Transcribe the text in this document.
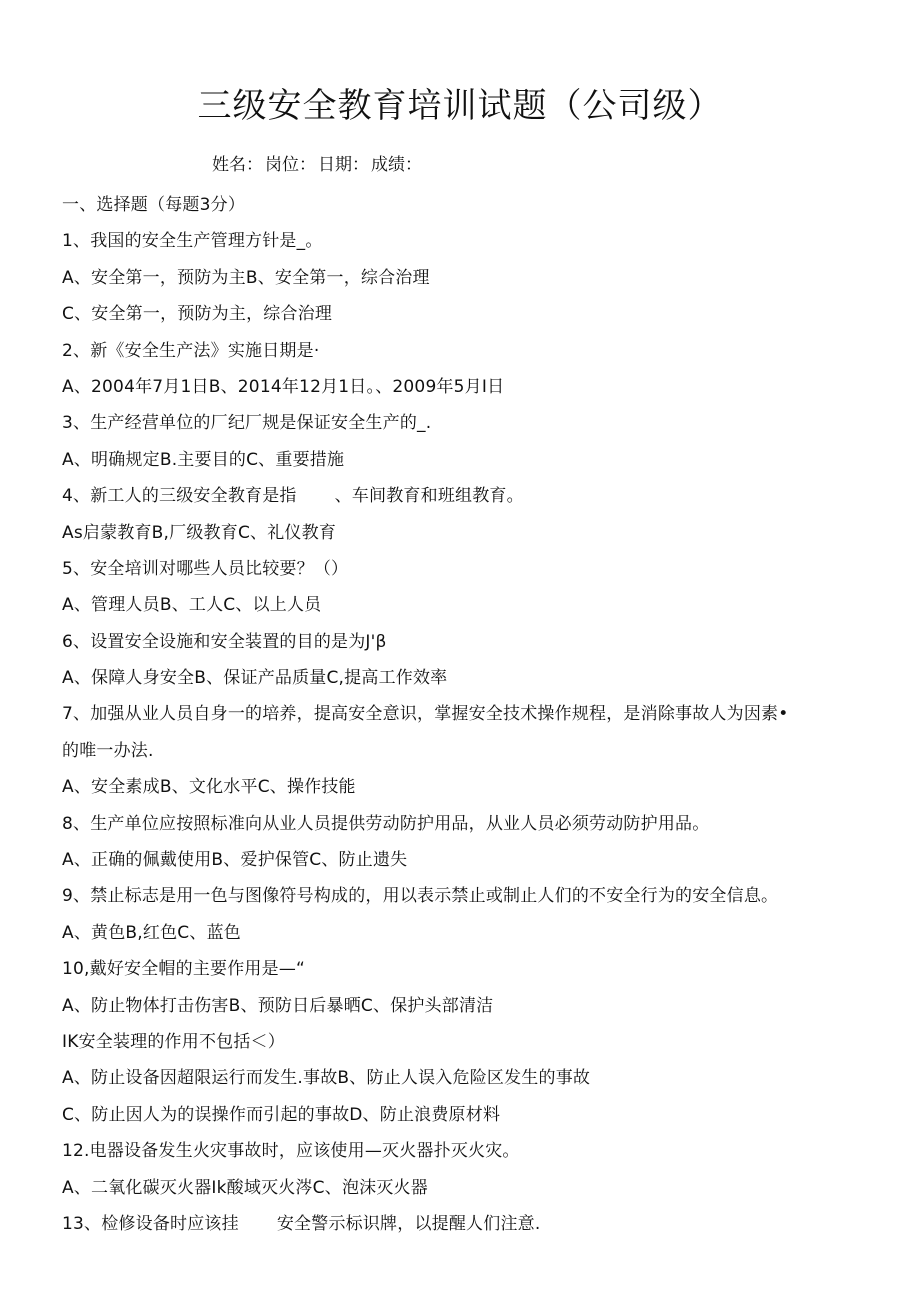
三级安全教育培训试题（公司级）
姓名： 岗位： 日期： 成绩：
一、选择题（每题3分）
1、我国的安全生产管理方针是_。
A、安全第一，预防为主B、安全第一，综合治理
C、安全第一，预防为主，综合治理
2、新《安全生产法》实施日期是·
A、2004年7月1日B、2014年12月1日。、2009年5月I日
3、生产经营单位的厂纪厂规是保证安全生产的_.
A、明确规定B.主要目的C、重要措施
4、新工人的三级安全教育是指 、车间教育和班组教育。
As启蒙教育B,厂级教育C、礼仪教育
5、安全培训对哪些人员比较要？（）
A、管理人员B、工人C、以上人员
6、设置安全设施和安全装置的目的是为J'β
A、保障人身安全B、保证产品质量C,提高工作效率
7、加强从业人员自身一的培养，提高安全意识，掌握安全技术操作规程，是消除事故人为因素•
的唯一办法.
A、安全素成B、文化水平C、操作技能
8、生产单位应按照标准向从业人员提供劳动防护用品，从业人员必须劳动防护用品。
A、正确的佩戴使用B、爱护保管C、防止遗失
9、禁止标志是用一色与图像符号构成的，用以表示禁止或制止人们的不安全行为的安全信息。
A、黄色B,红色C、蓝色
10,戴好安全帽的主要作用是—“
A、防止物体打击伤害B、预防日后暴晒C、保护头部清洁
IK安全装理的作用不包括＜）
A、防止设备因超限运行而发生.事故B、防止人误入危险区发生的事故
C、防止因人为的误操作而引起的事故D、防止浪费原材料
12.电器设备发生火灾事故时，应该使用—灭火器扑灭火灾。
A、二氧化碳灭火器Ik酸域灭火涔C、泡沫灭火器
13、检修设备时应该挂 安全警示标识牌，以提醒人们注意.
